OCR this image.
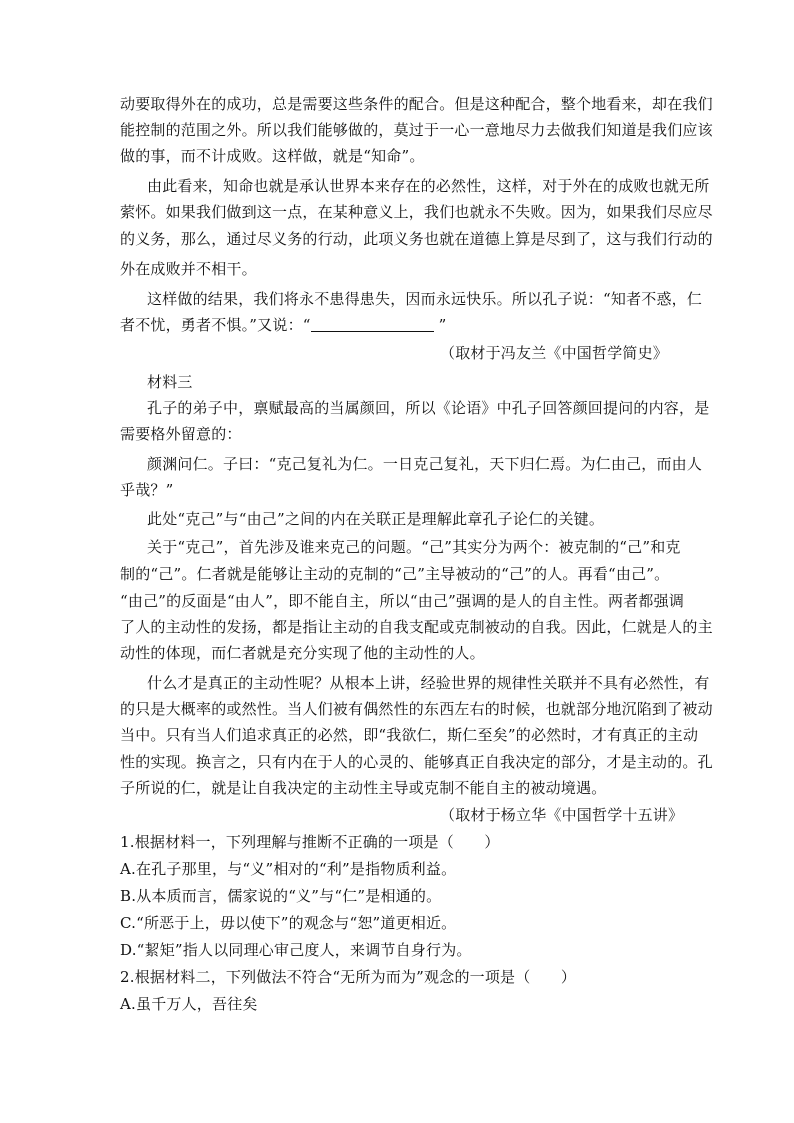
动要取得外在的成功，总是需要这些条件的配合。但是这种配合，整个地看来，却在我们

能控制的范围之外。所以我们能够做的，莫过于一心一意地尽力去做我们知道是我们应该

做的事，而不计成败。这样做，就是“知命”。

由此看来，知命也就是承认世界本来存在的必然性，这样，对于外在的成败也就无所

萦怀。如果我们做到这一点，在某种意义上，我们也就永不失败。因为，如果我们尽应尽

的义务，那么，通过尽义务的行动，此项义务也就在道德上算是尽到了，这与我们行动的

外在成败并不相干。

这样做的结果，我们将永不患得患失，因而永远快乐。所以孔子说：“知者不惑，仁

者不忧，勇者不惧。”又说：“	”

（取材于冯友兰《中国哲学简史》

材料三

孔子的弟子中，禀赋最高的当属颜回，所以《论语》中孔子回答颜回提问的内容，是

需要格外留意的：

颜渊问仁。子曰：“克己复礼为仁。一日克己复礼，天下归仁焉。为仁由己，而由人

乎哉？”

此处“克己”与“由己”之间的内在关联正是理解此章孔子论仁的关键。

关于“克己”，首先涉及谁来克己的问题。“己”其实分为两个：被克制的“己”和克

制的“己”。仁者就是能够让主动的克制的“己”主导被动的“己”的人。再看“由己”。

“由己”的反面是“由人”，即不能自主，所以“由己”强调的是人的自主性。两者都强调

了人的主动性的发扬，都是指让主动的自我支配或克制被动的自我。因此，仁就是人的主

动性的体现，而仁者就是充分实现了他的主动性的人。

什么才是真正的主动性呢？从根本上讲，经验世界的规律性关联并不具有必然性，有

的只是大概率的或然性。当人们被有偶然性的东西左右的时候，也就部分地沉陷到了被动

当中。只有当人们追求真正的必然，即“我欲仁，斯仁至矣”的必然时，才有真正的主动

性的实现。换言之，只有内在于人的心灵的、能够真正自我决定的部分，才是主动的。孔

子所说的仁，就是让自我决定的主动性主导或克制不能自主的被动境遇。

（取材于杨立华《中国哲学十五讲》

1.根据材料一，下列理解与推断不正确的一项是（　　）

A.在孔子那里，与“义”相对的“利”是指物质利益。

B.从本质而言，儒家说的“义”与“仁”是相通的。

C.“所恶于上，毋以使下”的观念与“恕”道更相近。

D.“絜矩”指人以同理心审己度人，来调节自身行为。

2.根据材料二，下列做法不符合“无所为而为”观念的一项是（　　）

A.虽千万人，吾往矣
